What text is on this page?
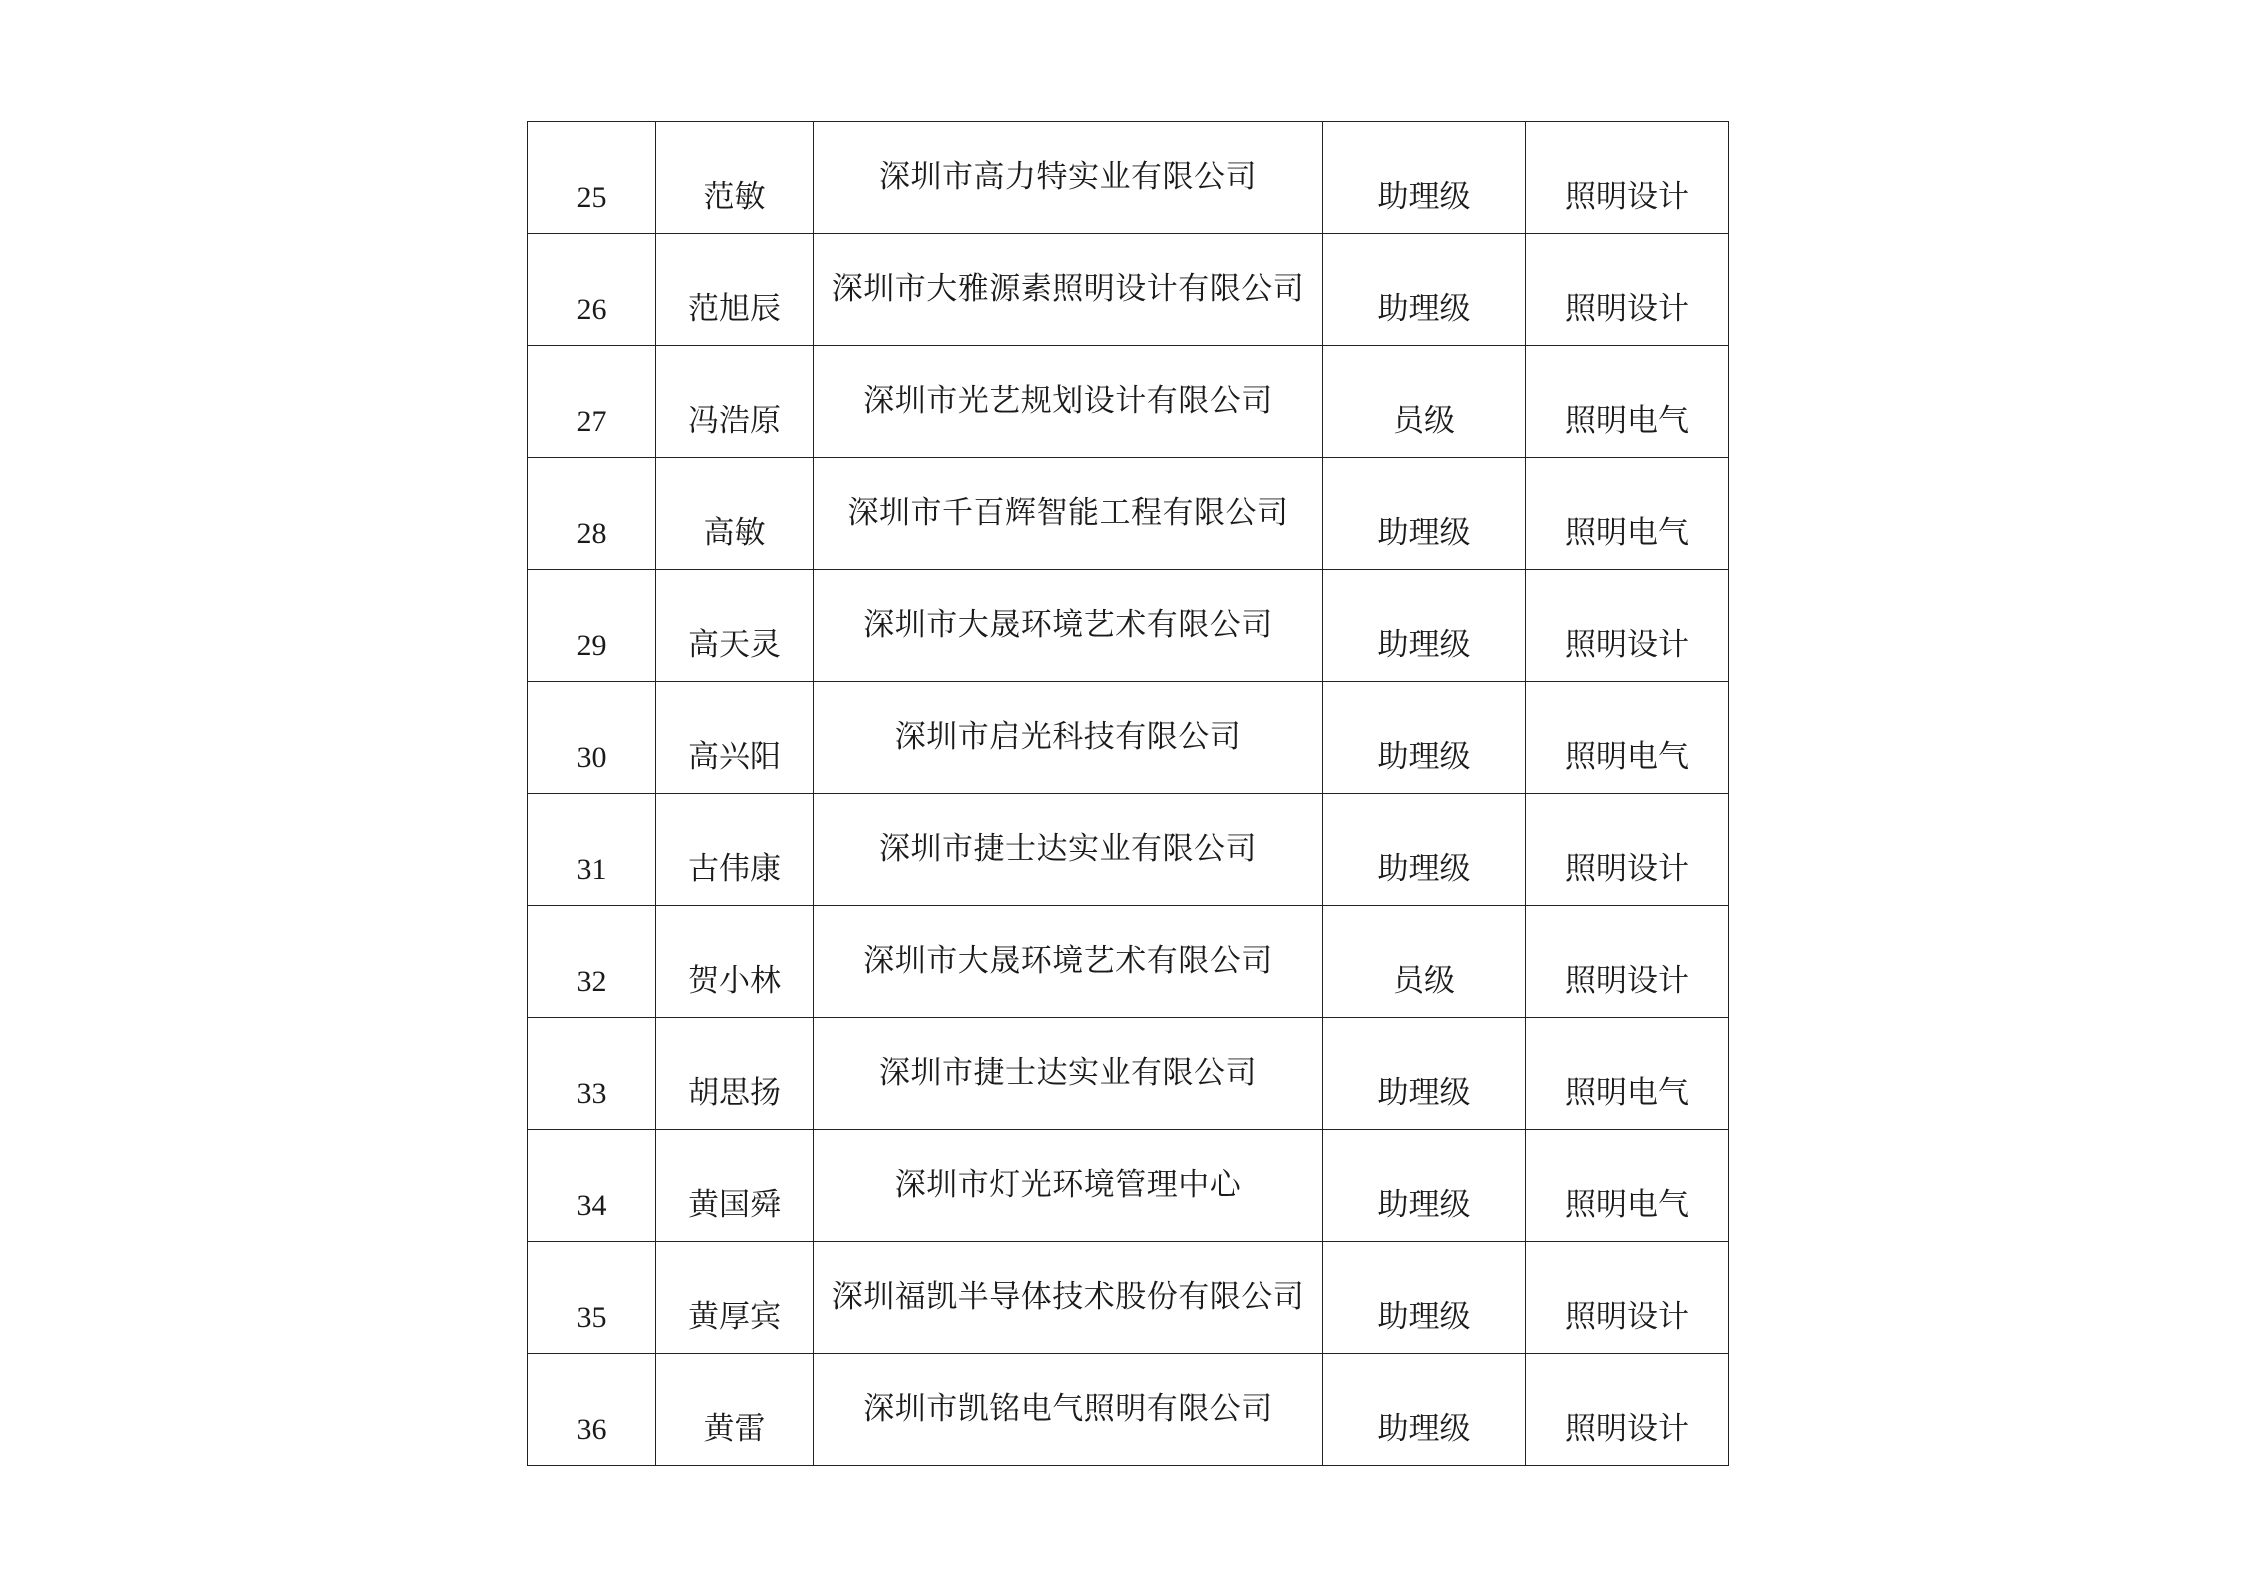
25	范敏	深圳市高力特实业有限公司	助理级	照明设计

26	范旭辰	深圳市大雅源素照明设计有限公司	助理级	照明设计

27	冯浩原	深圳市光艺规划设计有限公司	员级	照明电气

28	高敏	深圳市千百辉智能工程有限公司	助理级	照明电气

29	高天灵	深圳市大晟环境艺术有限公司	助理级	照明设计

30	高兴阳	深圳市启光科技有限公司	助理级	照明电气

31	古伟康	深圳市捷士达实业有限公司	助理级	照明设计

32	贺小林	深圳市大晟环境艺术有限公司	员级	照明设计

33	胡思扬	深圳市捷士达实业有限公司	助理级	照明电气

34	黄国舜	深圳市灯光环境管理中心	助理级	照明电气

35	黄厚宾	深圳福凯半导体技术股份有限公司	助理级	照明设计

36	黄雷	深圳市凯铭电气照明有限公司	助理级	照明设计
